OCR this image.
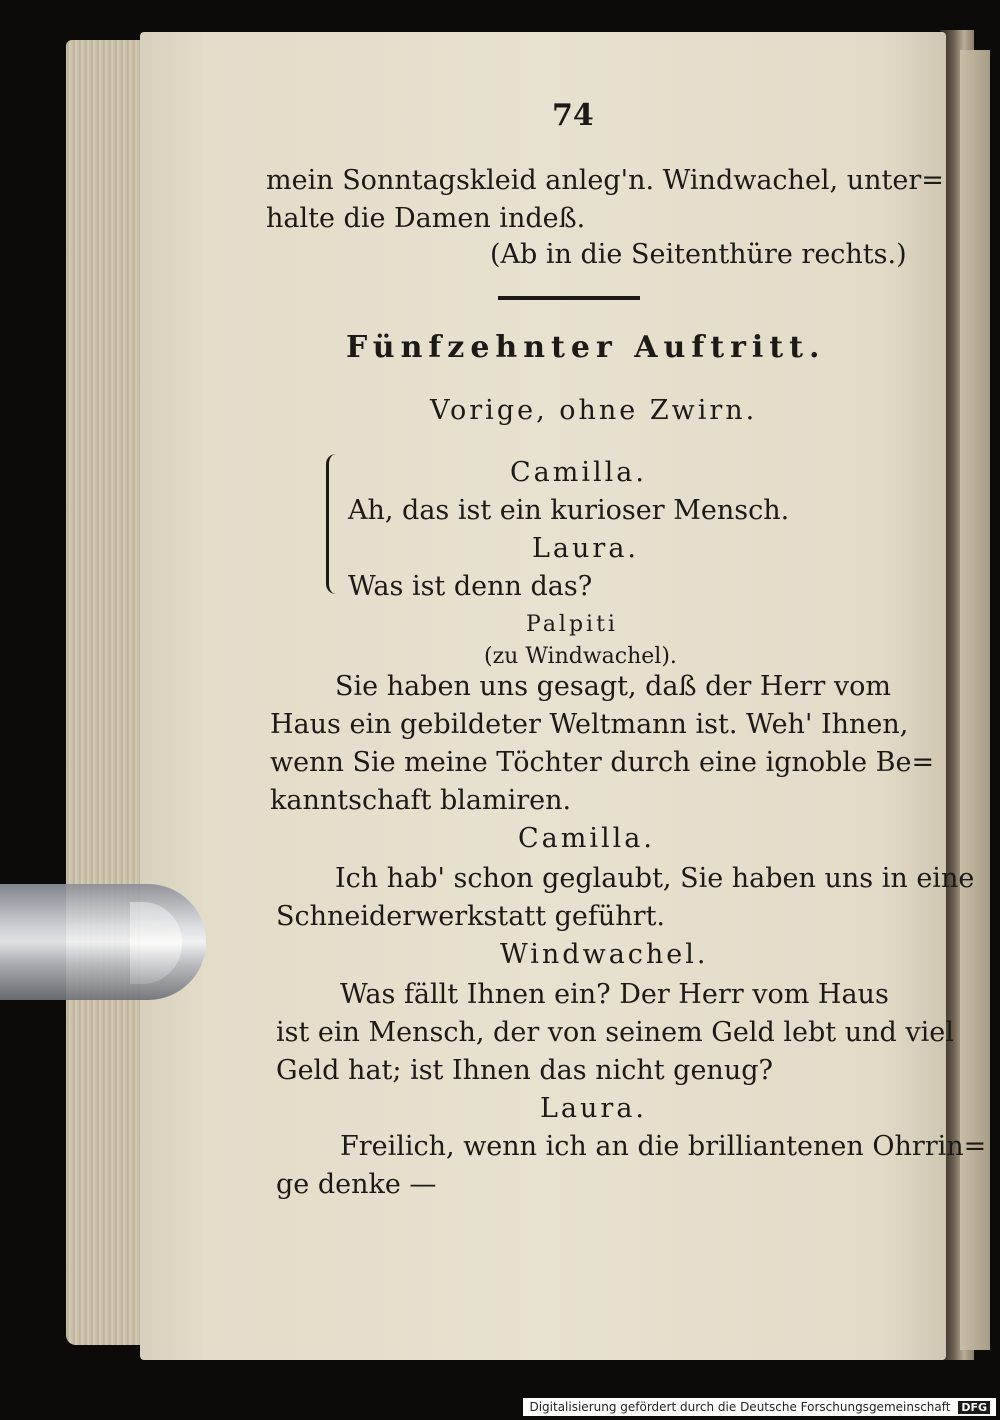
74
mein Sonntagskleid anleg'n. Windwachel, unter=
halte die Damen indeß.
(Ab in die Seitenthüre rechts.)
Fünfzehnter Auftritt.
Vorige, ohne Zwirn.
Camilla.
Ah, das ist ein kurioser Mensch.
Laura.
Was ist denn das?
Palpiti
(zu Windwachel).
Sie haben uns gesagt, daß der Herr vom
Haus ein gebildeter Weltmann ist. Weh' Ihnen,
wenn Sie meine Töchter durch eine ignoble Be=
kanntschaft blamiren.
Camilla.
Ich hab' schon geglaubt, Sie haben uns in eine
Schneiderwerkstatt geführt.
Windwachel.
Was fällt Ihnen ein? Der Herr vom Haus
ist ein Mensch, der von seinem Geld lebt und viel
Geld hat; ist Ihnen das nicht genug?
Laura.
Freilich, wenn ich an die brilliantenen Ohrrin=
ge denke —
Digitalisierung gefördert durch die Deutsche Forschungsgemeinschaft DFG
